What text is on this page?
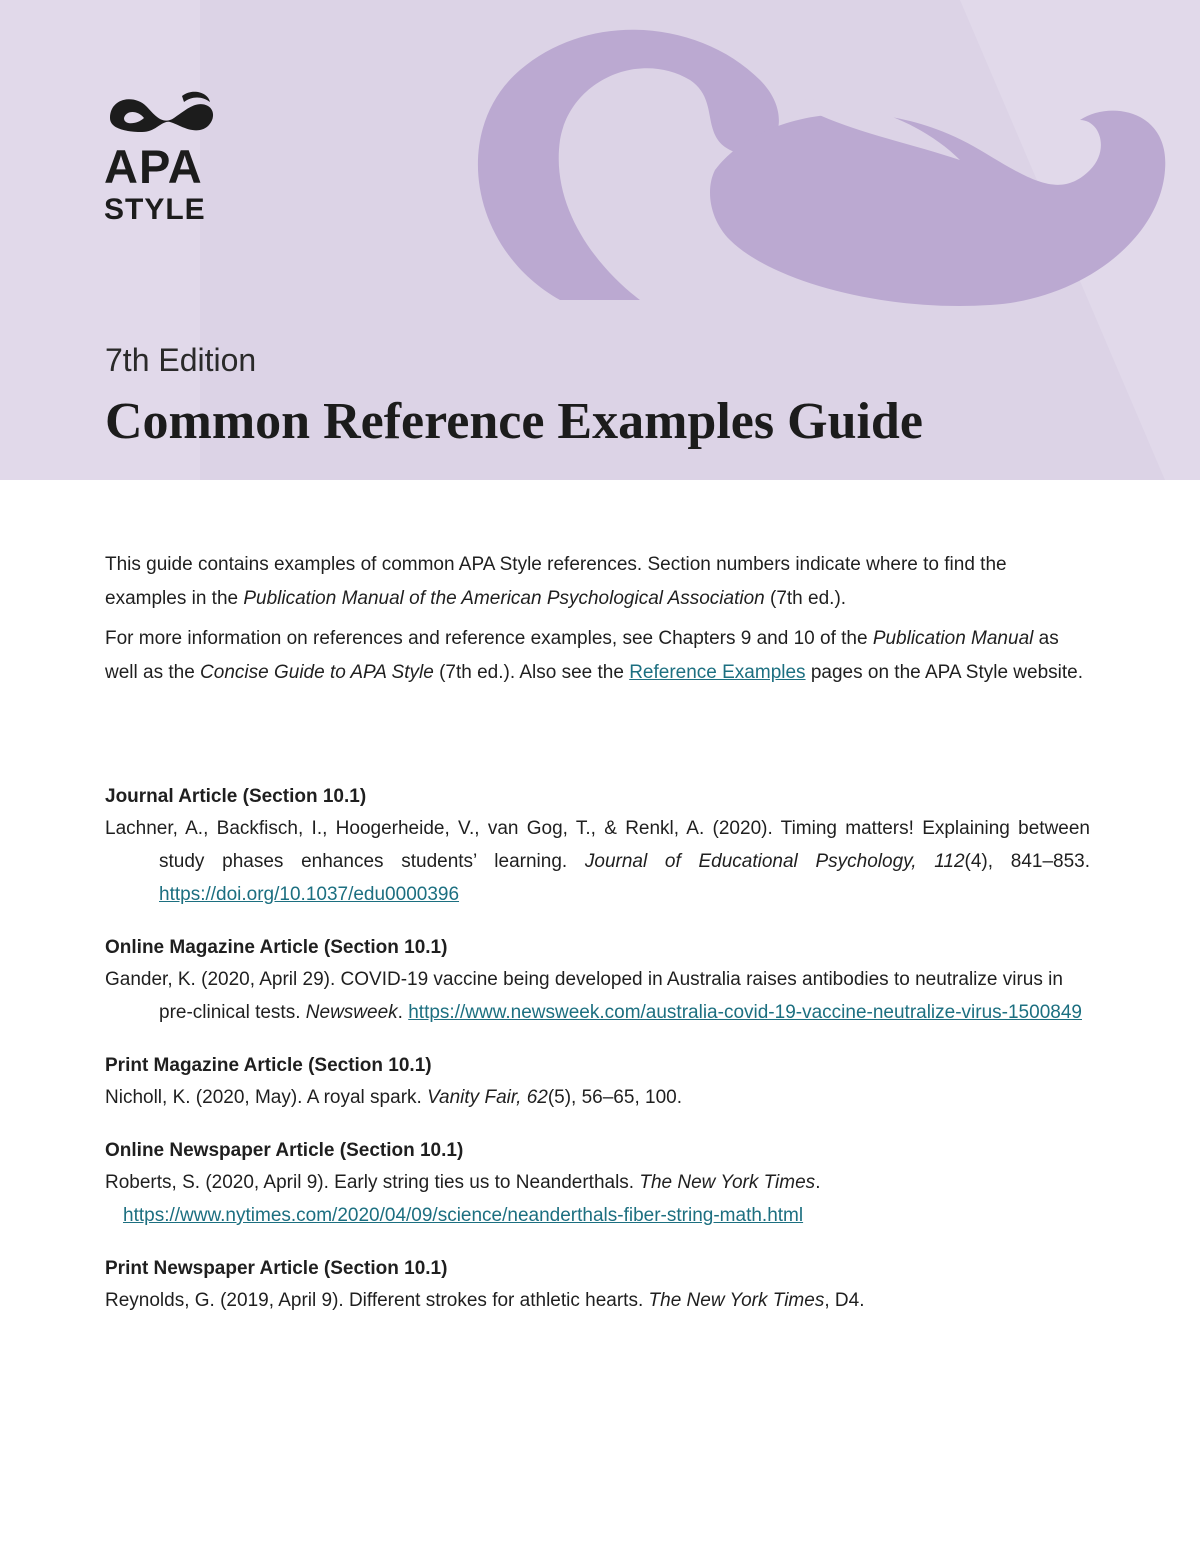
APA
STYLE
7th Edition
Common Reference Examples Guide

This guide contains examples of common APA Style references. Section numbers indicate where to find the examples in the Publication Manual of the American Psychological Association (7th ed.).

For more information on references and reference examples, see Chapters 9 and 10 of the Publication Manual as well as the Concise Guide to APA Style (7th ed.). Also see the Reference Examples pages on the APA Style website.

Journal Article (Section 10.1)
Lachner, A., Backfisch, I., Hoogerheide, V., van Gog, T., & Renkl, A. (2020). Timing matters! Explaining between study phases enhances students’ learning. Journal of Educational Psychology, 112(4), 841–853. https://doi.org/10.1037/edu0000396
Online Magazine Article (Section 10.1)
Gander, K. (2020, April 29). COVID-19 vaccine being developed in Australia raises antibodies to neutralize virus in pre-clinical tests. Newsweek. https://www.newsweek.com/australia-covid-19-vaccine-neutralize-virus-1500849
Print Magazine Article (Section 10.1)
Nicholl, K. (2020, May). A royal spark. Vanity Fair, 62(5), 56–65, 100.
Online Newspaper Article (Section 10.1)
Roberts, S. (2020, April 9). Early string ties us to Neanderthals. The New York Times.
https://www.nytimes.com/2020/04/09/science/neanderthals-fiber-string-math.html
Print Newspaper Article (Section 10.1)
Reynolds, G. (2019, April 9). Different strokes for athletic hearts. The New York Times, D4.
